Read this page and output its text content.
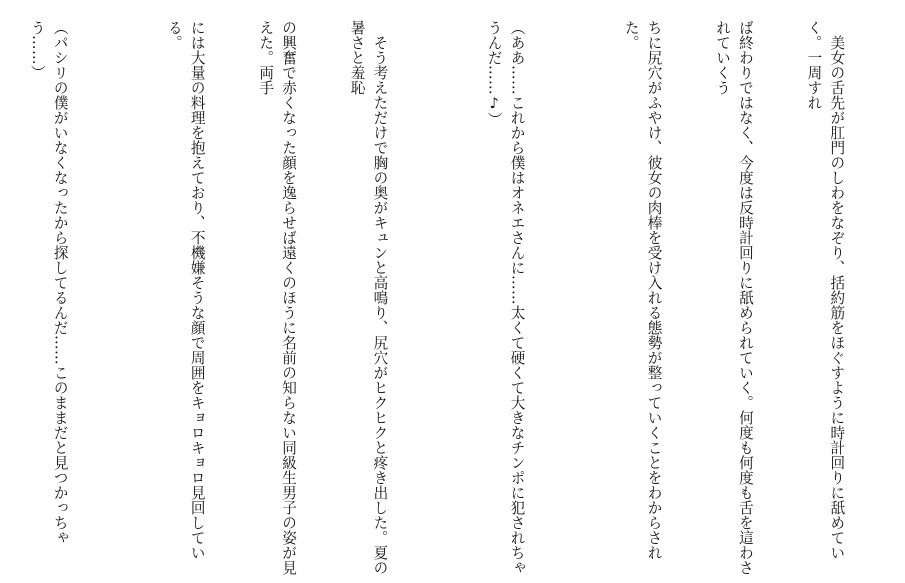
　美女の舌先が肛門のしわをなぞり、括約筋をほぐすように時計回りに舐めていく。一周すれ

ば終わりではなく、今度は反時計回りに舐められていく。何度も何度も舌を這わされていくう

ちに尻穴がふやけ、彼女の肉棒を受け入れる態勢が整っていくことをわからされた。

（ああ……これから僕はオネエさんに……太くて硬くて大きなチンポに犯されちゃうんだ……♪）

　そう考えただけで胸の奥がキュンと高鳴り、尻穴がヒクヒクと疼き出した。夏の暑さと羞恥

の興奮で赤くなった顔を逸らせば遠くのほうに名前の知らない同級生男子の姿が見えた。両手

には大量の料理を抱えており、不機嫌そうな顔で周囲をキョロキョロ見回している。

（パシリの僕がいなくなったから探してるんだ……このままだと見つかっちゃう……）
